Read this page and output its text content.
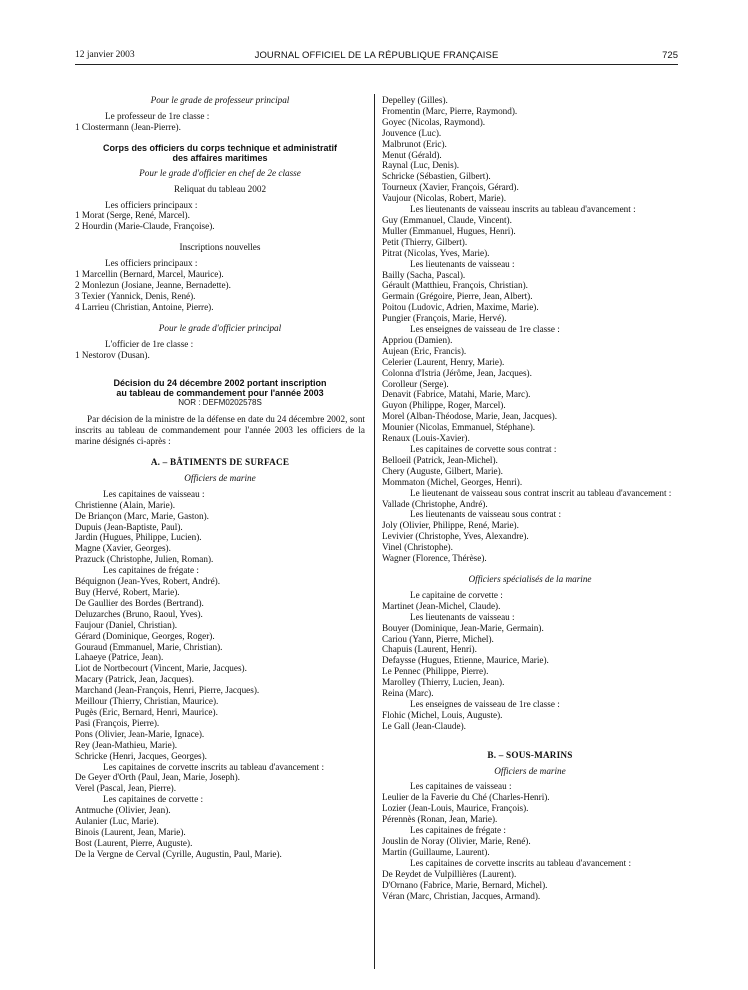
12 janvier 2003	JOURNAL OFFICIEL DE LA RÉPUBLIQUE FRANÇAISE	725
Pour le grade de professeur principal
Le professeur de 1re classe :
1 Clostermann (Jean-Pierre).
Corps des officiers du corps technique et administratif
des affaires maritimes
Pour le grade d'officier en chef de 2e classe
Reliquat du tableau 2002
Les officiers principaux :
1 Morat (Serge, René, Marcel).
2 Hourdin (Marie-Claude, Françoise).
Inscriptions nouvelles
Les officiers principaux :
1 Marcellin (Bernard, Marcel, Maurice).
2 Monlezun (Josiane, Jeanne, Bernadette).
3 Texier (Yannick, Denis, René).
4 Larrieu (Christian, Antoine, Pierre).
Pour le grade d'officier principal
L'officier de 1re classe :
1 Nestorov (Dusan).
Décision du 24 décembre 2002 portant inscription
au tableau de commandement pour l'année 2003
NOR : DEFM0202578S
Par décision de la ministre de la défense en date du 24 décembre 2002, sont inscrits au tableau de commandement pour l'année 2003 les officiers de la marine désignés ci-après :
A. – BÂTIMENTS DE SURFACE
Officiers de marine
Les capitaines de vaisseau :
Christienne (Alain, Marie).
De Briançon (Marc, Marie, Gaston).
Dupuis (Jean-Baptiste, Paul).
Jardin (Hugues, Philippe, Lucien).
Magne (Xavier, Georges).
Prazuck (Christophe, Julien, Roman).
Les capitaines de frégate :
Béquignon (Jean-Yves, Robert, André).
Buy (Hervé, Robert, Marie).
De Gaullier des Bordes (Bertrand).
Deluzarches (Bruno, Raoul, Yves).
Faujour (Daniel, Christian).
Gérard (Dominique, Georges, Roger).
Gouraud (Emmanuel, Marie, Christian).
Lahaeye (Patrice, Jean).
Liot de Nortbecourt (Vincent, Marie, Jacques).
Macary (Patrick, Jean, Jacques).
Marchand (Jean-François, Henri, Pierre, Jacques).
Meillour (Thierry, Christian, Maurice).
Pugès (Eric, Bernard, Henri, Maurice).
Pasi (François, Pierre).
Pons (Olivier, Jean-Marie, Ignace).
Rey (Jean-Mathieu, Marie).
Schricke (Henri, Jacques, Georges).
Les capitaines de corvette inscrits au tableau d'avancement :
De Geyer d'Orth (Paul, Jean, Marie, Joseph).
Verel (Pascal, Jean, Pierre).
Les capitaines de corvette :
Antmuche (Olivier, Jean).
Aulanier (Luc, Marie).
Binois (Laurent, Jean, Marie).
Bost (Laurent, Pierre, Auguste).
De la Vergne de Cerval (Cyrille, Augustin, Paul, Marie).
Depelley (Gilles).
Fromentin (Marc, Pierre, Raymond).
Goyec (Nicolas, Raymond).
Jouvence (Luc).
Malbrunot (Eric).
Menut (Gérald).
Raynal (Luc, Denis).
Schricke (Sébastien, Gilbert).
Tourneux (Xavier, François, Gérard).
Vaujour (Nicolas, Robert, Marie).
Les lieutenants de vaisseau inscrits au tableau d'avancement :
Guy (Emmanuel, Claude, Vincent).
Muller (Emmanuel, Hugues, Henri).
Petit (Thierry, Gilbert).
Pitrat (Nicolas, Yves, Marie).
Les lieutenants de vaisseau :
Bailly (Sacha, Pascal).
Gérault (Matthieu, François, Christian).
Germain (Grégoire, Pierre, Jean, Albert).
Poitou (Ludovic, Adrien, Maxime, Marie).
Pungier (François, Marie, Hervé).
Les enseignes de vaisseau de 1re classe :
Appriou (Damien).
Aujean (Eric, Francis).
Celerier (Laurent, Henry, Marie).
Colonna d'Istria (Jérôme, Jean, Jacques).
Corolleur (Serge).
Denavit (Fabrice, Matahi, Marie, Marc).
Guyon (Philippe, Roger, Marcel).
Morel (Alban-Théodose, Marie, Jean, Jacques).
Mounier (Nicolas, Emmanuel, Stéphane).
Renaux (Louis-Xavier).
Les capitaines de corvette sous contrat :
Belloeil (Patrick, Jean-Michel).
Chery (Auguste, Gilbert, Marie).
Mommaton (Michel, Georges, Henri).
Le lieutenant de vaisseau sous contrat inscrit au tableau d'avancement :
Vallade (Christophe, André).
Les lieutenants de vaisseau sous contrat :
Joly (Olivier, Philippe, René, Marie).
Levivier (Christophe, Yves, Alexandre).
Vinel (Christophe).
Wagner (Florence, Thérèse).
Officiers spécialisés de la marine
Le capitaine de corvette :
Martinet (Jean-Michel, Claude).
Les lieutenants de vaisseau :
Bouyer (Dominique, Jean-Marie, Germain).
Cariou (Yann, Pierre, Michel).
Chapuis (Laurent, Henri).
Defaysse (Hugues, Etienne, Maurice, Marie).
Le Pennec (Philippe, Pierre).
Marolley (Thierry, Lucien, Jean).
Reina (Marc).
Les enseignes de vaisseau de 1re classe :
Flohic (Michel, Louis, Auguste).
Le Gall (Jean-Claude).
B. – SOUS-MARINS
Officiers de marine
Les capitaines de vaisseau :
Leulier de la Faverie du Ché (Charles-Henri).
Lozier (Jean-Louis, Maurice, François).
Pérennès (Ronan, Jean, Marie).
Les capitaines de frégate :
Jouslin de Noray (Olivier, Marie, René).
Martin (Guillaume, Laurent).
Les capitaines de corvette inscrits au tableau d'avancement :
De Reydet de Vulpillières (Laurent).
D'Ornano (Fabrice, Marie, Bernard, Michel).
Véran (Marc, Christian, Jacques, Armand).
